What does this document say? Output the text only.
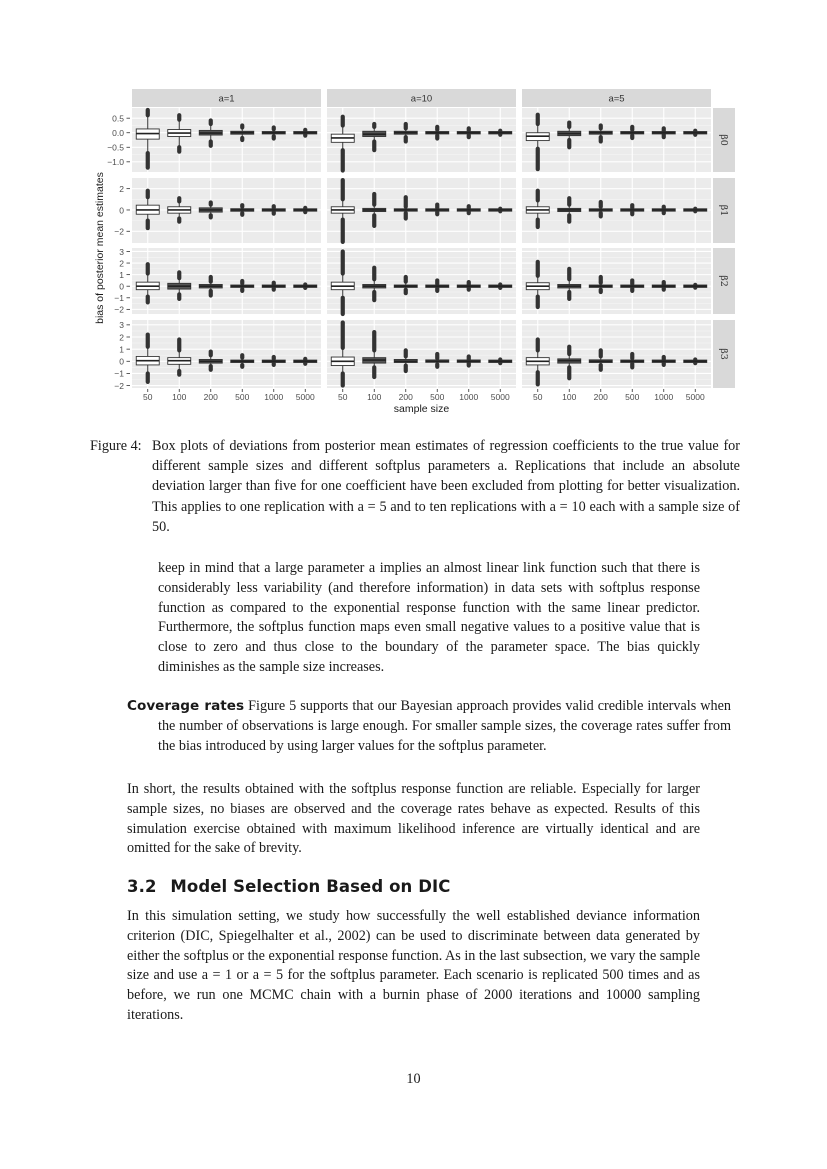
a=1	a=10	a=5
β0
0.5
0.0
−0.5
−1.0
β1
2
0
−2
β2
3
2
1
0
−1
−2
β3
3
2
1
0
−1
−2
50 100 200 500 1000 5000	50 100 200 500 1000 5000	50 100 200 500 1000 5000
sample size
bias of posterior mean estimates
Figure 4: Box plots of deviations from posterior mean estimates of regression coefficients to the true value for different sample sizes and different softplus parameters a. Replications that include an absolute deviation larger than five for one coefficient have been excluded from plotting for better visualization. This applies to one replication with a = 5 and to ten replications with a = 10 each with a sample size of 50.
keep in mind that a large parameter a implies an almost linear link function such that there is considerably less variability (and therefore information) in data sets with softplus response function as compared to the exponential response function with the same linear predictor. Furthermore, the softplus function maps even small negative values to a positive value that is close to zero and thus close to the boundary of the parameter space. The bias quickly diminishes as the sample size increases.
Coverage rates Figure 5 supports that our Bayesian approach provides valid credible intervals when the number of observations is large enough. For smaller sample sizes, the coverage rates suffer from the bias introduced by using larger values for the softplus parameter.
In short, the results obtained with the softplus response function are reliable. Especially for larger sample sizes, no biases are observed and the coverage rates behave as expected. Results of this simulation exercise obtained with maximum likelihood inference are virtually identical and are omitted for the sake of brevity.
3.2 Model Selection Based on DIC
In this simulation setting, we study how successfully the well established deviance information criterion (DIC, Spiegelhalter et al., 2002) can be used to discriminate between data generated by either the softplus or the exponential response function. As in the last subsection, we vary the sample size and use a = 1 or a = 5 for the softplus parameter. Each scenario is replicated 500 times and as before, we run one MCMC chain with a burnin phase of 2000 iterations and 10000 sampling iterations.
10
